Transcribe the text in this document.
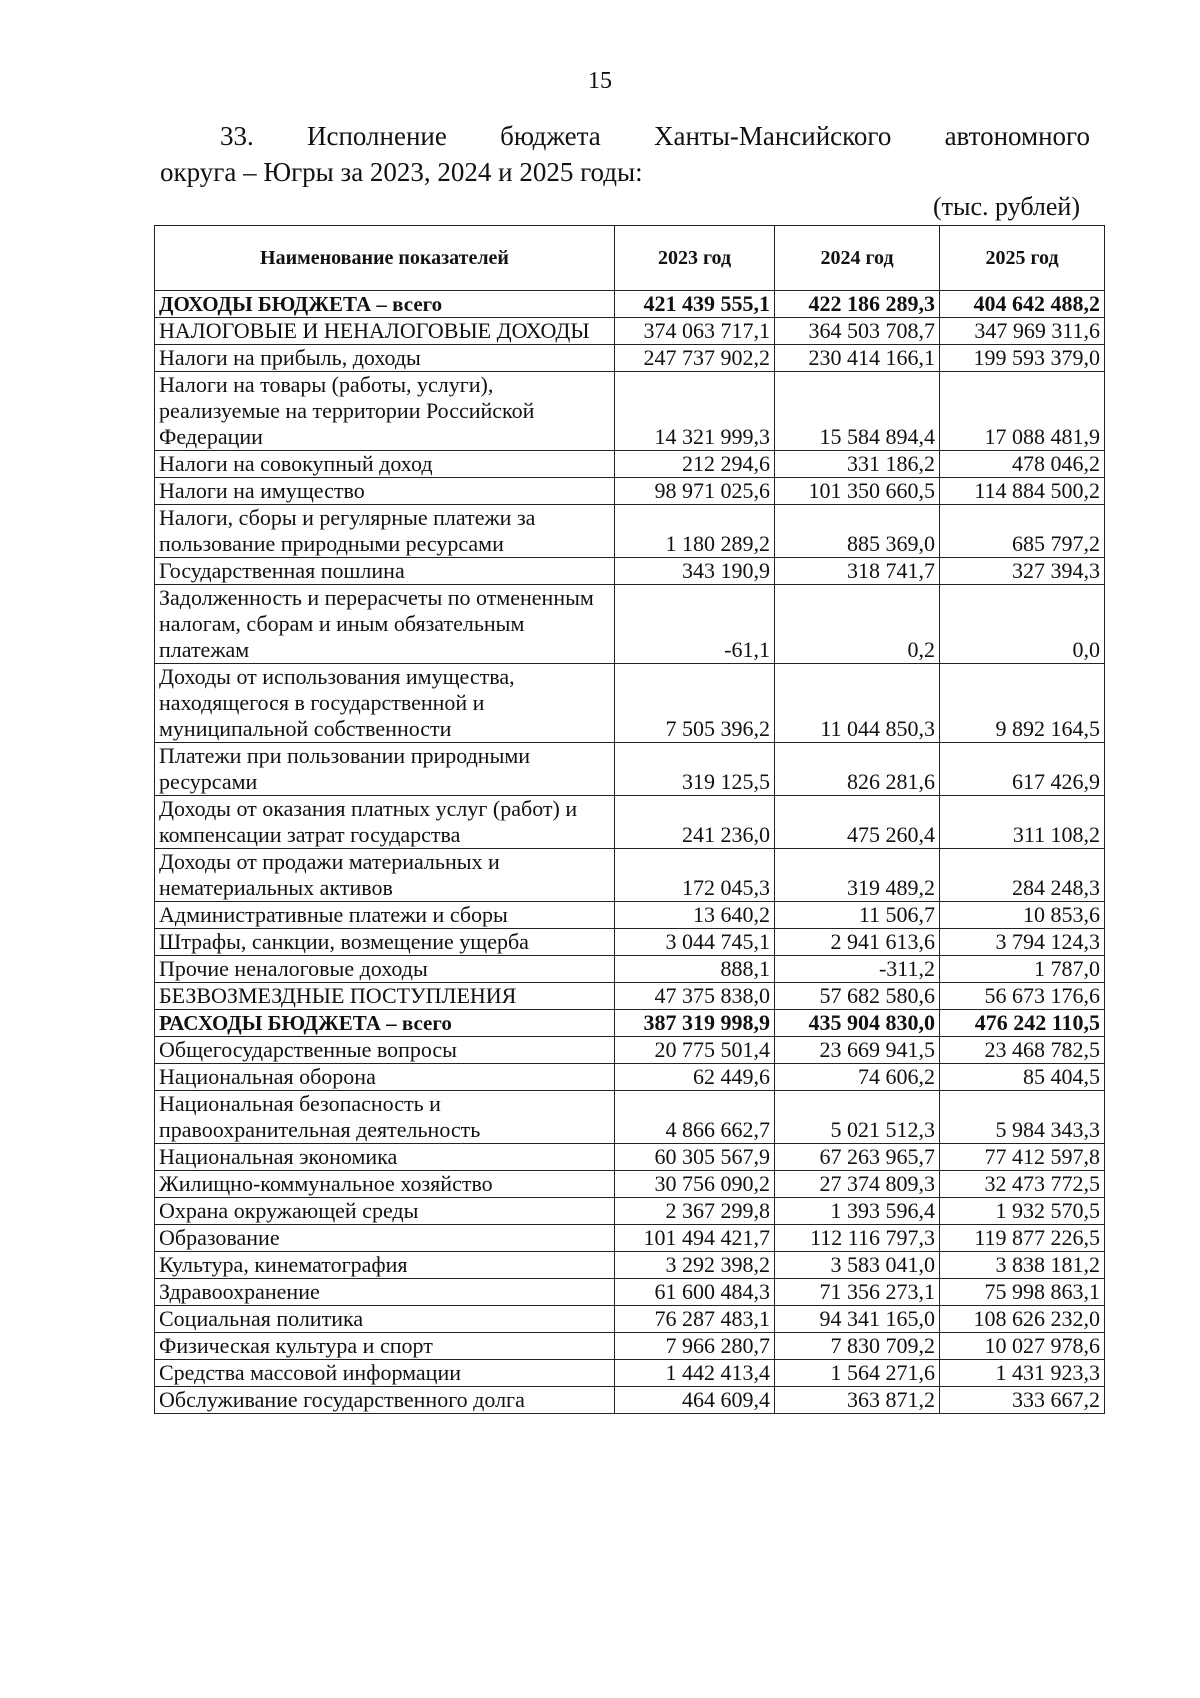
15
33. Исполнение бюджета Ханты-Мансийского автономного
округа – Югры за 2023, 2024 и 2025 годы:
(тыс. рублей)
Наименование показателей	2023 год	2024 год	2025 год
ДОХОДЫ БЮДЖЕТА – всего	421 439 555,1	422 186 289,3	404 642 488,2
НАЛОГОВЫЕ И НЕНАЛОГОВЫЕ ДОХОДЫ	374 063 717,1	364 503 708,7	347 969 311,6
Налоги на прибыль, доходы	247 737 902,2	230 414 166,1	199 593 379,0
Налоги на товары (работы, услуги), реализуемые на территории Российской Федерации	14 321 999,3	15 584 894,4	17 088 481,9
Налоги на совокупный доход	212 294,6	331 186,2	478 046,2
Налоги на имущество	98 971 025,6	101 350 660,5	114 884 500,2
Налоги, сборы и регулярные платежи за пользование природными ресурсами	1 180 289,2	885 369,0	685 797,2
Государственная пошлина	343 190,9	318 741,7	327 394,3
Задолженность и перерасчеты по отмененным налогам, сборам и иным обязательным платежам	-61,1	0,2	0,0
Доходы от использования имущества, находящегося в государственной и муниципальной собственности	7 505 396,2	11 044 850,3	9 892 164,5
Платежи при пользовании природными ресурсами	319 125,5	826 281,6	617 426,9
Доходы от оказания платных услуг (работ) и компенсации затрат государства	241 236,0	475 260,4	311 108,2
Доходы от продажи материальных и нематериальных активов	172 045,3	319 489,2	284 248,3
Административные платежи и сборы	13 640,2	11 506,7	10 853,6
Штрафы, санкции, возмещение ущерба	3 044 745,1	2 941 613,6	3 794 124,3
Прочие неналоговые доходы	888,1	-311,2	1 787,0
БЕЗВОЗМЕЗДНЫЕ ПОСТУПЛЕНИЯ	47 375 838,0	57 682 580,6	56 673 176,6
РАСХОДЫ БЮДЖЕТА – всего	387 319 998,9	435 904 830,0	476 242 110,5
Общегосударственные вопросы	20 775 501,4	23 669 941,5	23 468 782,5
Национальная оборона	62 449,6	74 606,2	85 404,5
Национальная безопасность и правоохранительная деятельность	4 866 662,7	5 021 512,3	5 984 343,3
Национальная экономика	60 305 567,9	67 263 965,7	77 412 597,8
Жилищно-коммунальное хозяйство	30 756 090,2	27 374 809,3	32 473 772,5
Охрана окружающей среды	2 367 299,8	1 393 596,4	1 932 570,5
Образование	101 494 421,7	112 116 797,3	119 877 226,5
Культура, кинематография	3 292 398,2	3 583 041,0	3 838 181,2
Здравоохранение	61 600 484,3	71 356 273,1	75 998 863,1
Социальная политика	76 287 483,1	94 341 165,0	108 626 232,0
Физическая культура и спорт	7 966 280,7	7 830 709,2	10 027 978,6
Средства массовой информации	1 442 413,4	1 564 271,6	1 431 923,3
Обслуживание государственного долга	464 609,4	363 871,2	333 667,2
